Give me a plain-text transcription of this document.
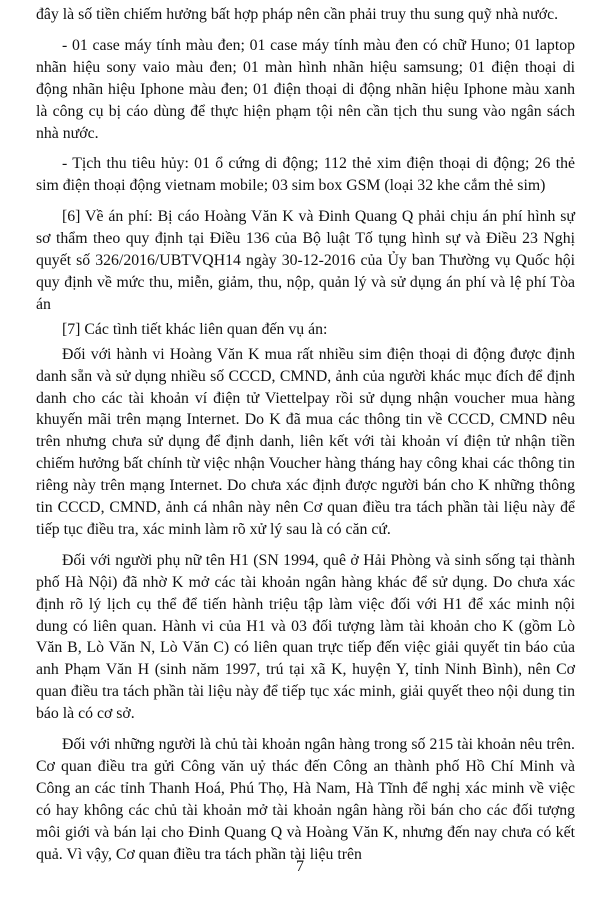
đây là số tiền chiếm hưởng bất hợp pháp nên cần phải truy thu sung quỹ nhà nước.

- 01 case máy tính màu đen; 01 case máy tính màu đen có chữ Huno; 01 laptop nhãn hiệu sony vaio màu đen; 01 màn hình nhãn hiệu samsung; 01 điện thoại di động nhãn hiệu Iphone màu đen; 01 điện thoại di động nhãn hiệu Iphone màu xanh là công cụ bị cáo dùng để thực hiện phạm tội nên cần tịch thu sung vào ngân sách nhà nước.

- Tịch thu tiêu hủy: 01 ổ cứng di động; 112 thẻ xim điện thoại di động; 26 thẻ sim điện thoại động vietnam mobile; 03 sim box GSM (loại 32 khe cắm thẻ sim)

[6] Về án phí: Bị cáo Hoàng Văn K và Đinh Quang Q phải chịu án phí hình sự sơ thẩm theo quy định tại Điều 136 của Bộ luật Tố tụng hình sự và Điều 23 Nghị quyết số 326/2016/UBTVQH14 ngày 30-12-2016 của Ủy ban Thường vụ Quốc hội quy định về mức thu, miễn, giảm, thu, nộp, quản lý và sử dụng án phí và lệ phí Tòa án

[7] Các tình tiết khác liên quan đến vụ án:

Đối với hành vi Hoàng Văn K mua rất nhiều sim điện thoại di động được định danh sẵn và sử dụng nhiều số CCCD, CMND, ảnh của người khác mục đích để định danh cho các tài khoản ví điện tử Viettelpay rồi sử dụng nhận voucher mua hàng khuyến mãi trên mạng Internet. Do K đã mua các thông tin về CCCD, CMND nêu trên nhưng chưa sử dụng để định danh, liên kết với tài khoản ví điện tử nhận tiền chiếm hưởng bất chính từ việc nhận Voucher hàng tháng hay công khai các thông tin riêng này trên mạng Internet. Do chưa xác định được người bán cho K những thông tin CCCD, CMND, ảnh cá nhân này nên Cơ quan điều tra tách phần tài liệu này để tiếp tục điều tra, xác minh làm rõ xử lý sau là có căn cứ.

Đối với người phụ nữ tên H1 (SN 1994, quê ở Hải Phòng và sinh sống tại thành phố Hà Nội) đã nhờ K mở các tài khoản ngân hàng khác để sử dụng. Do chưa xác định rõ lý lịch cụ thể để tiến hành triệu tập làm việc đối với H1 để xác minh nội dung có liên quan. Hành vi của H1 và 03 đối tượng làm tài khoản cho K (gồm Lò Văn B, Lò Văn N, Lò Văn C) có liên quan trực tiếp đến việc giải quyết tin báo của anh Phạm Văn H (sinh năm 1997, trú tại xã K, huyện Y, tỉnh Ninh Bình), nên Cơ quan điều tra tách phần tài liệu này để tiếp tục xác minh, giải quyết theo nội dung tin báo là có cơ sở.

Đối với những người là chủ tài khoản ngân hàng trong số 215 tài khoản nêu trên. Cơ quan điều tra gửi Công văn uỷ thác đến Công an thành phố Hồ Chí Minh và Công an các tỉnh Thanh Hoá, Phú Thọ, Hà Nam, Hà Tĩnh để nghị xác minh về việc có hay không các chủ tài khoản mở tài khoản ngân hàng rồi bán cho các đối tượng môi giới và bán lại cho Đinh Quang Q và Hoàng Văn K, nhưng đến nay chưa có kết quả. Vì vậy, Cơ quan điều tra tách phần tài liệu trên

7
